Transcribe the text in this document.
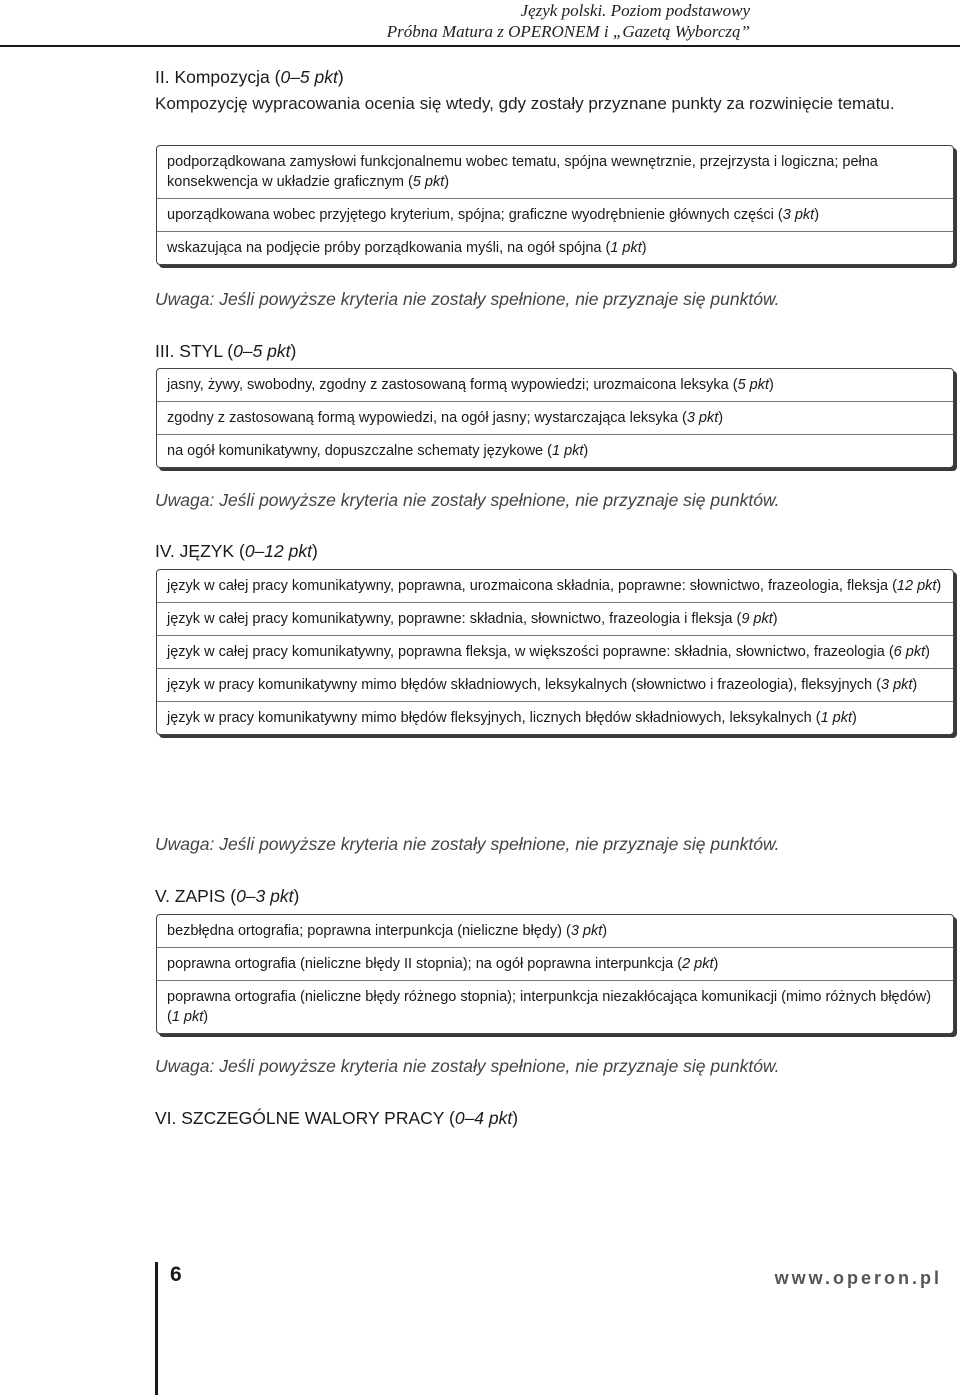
Język polski. Poziom podstawowy
Próbna Matura z OPERONEM i „Gazetą Wyborczą”
II. Kompozycja (0–5 pkt)
Kompozycję wypracowania ocenia się wtedy, gdy zostały przyznane punkty za rozwinięcie tematu.
podporządkowana zamysłowi funkcjonalnemu wobec tematu, spójna wewnętrznie, przejrzysta i logiczna; pełna konsekwencja w układzie graficznym (5 pkt)
uporządkowana wobec przyjętego kryterium, spójna; graficzne wyodrębnienie głównych części (3 pkt)
wskazująca na podjęcie próby porządkowania myśli, na ogół spójna (1 pkt)
Uwaga: Jeśli powyższe kryteria nie zostały spełnione, nie przyznaje się punktów.
III. STYL (0–5 pkt)
jasny, żywy, swobodny, zgodny z zastosowaną formą wypowiedzi; urozmaicona leksyka (5 pkt)
zgodny z zastosowaną formą wypowiedzi, na ogół jasny; wystarczająca leksyka (3 pkt)
na ogół komunikatywny, dopuszczalne schematy językowe (1 pkt)
Uwaga: Jeśli powyższe kryteria nie zostały spełnione, nie przyznaje się punktów.
IV. JĘZYK (0–12 pkt)
język w całej pracy komunikatywny, poprawna, urozmaicona składnia, poprawne: słownictwo, frazeologia, fleksja (12 pkt)
język w całej pracy komunikatywny, poprawne: składnia, słownictwo, frazeologia i fleksja (9 pkt)
język w całej pracy komunikatywny, poprawna fleksja, w większości poprawne: składnia, słownictwo, frazeologia (6 pkt)
język w pracy komunikatywny mimo błędów składniowych, leksykalnych (słownictwo i frazeologia), fleksyjnych (3 pkt)
język w pracy komunikatywny mimo błędów fleksyjnych, licznych błędów składniowych, leksykalnych (1 pkt)
Uwaga: Jeśli powyższe kryteria nie zostały spełnione, nie przyznaje się punktów.
V. ZAPIS (0–3 pkt)
bezbłędna ortografia; poprawna interpunkcja (nieliczne błędy) (3 pkt)
poprawna ortografia (nieliczne błędy II stopnia); na ogół poprawna interpunkcja (2 pkt)
poprawna ortografia (nieliczne błędy różnego stopnia); interpunkcja niezakłócająca komunikacji (mimo różnych błędów) (1 pkt)
Uwaga: Jeśli powyższe kryteria nie zostały spełnione, nie przyznaje się punktów.
VI. SZCZEGÓLNE WALORY PRACY (0–4 pkt)
6	www.operon.pl
